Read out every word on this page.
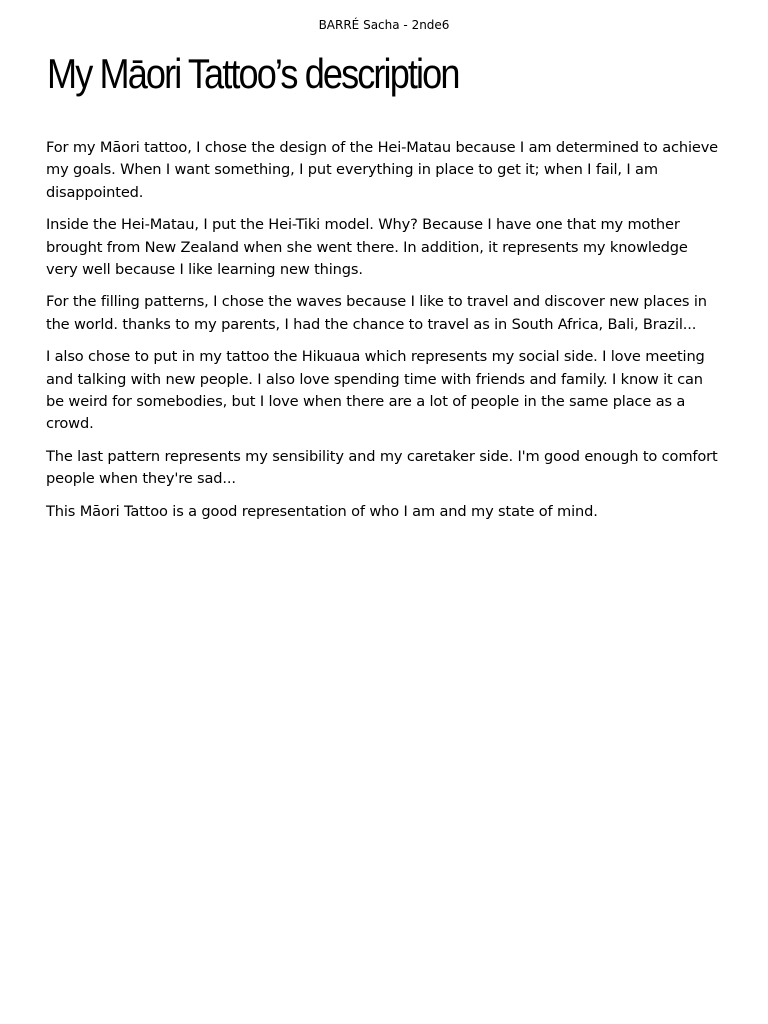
BARRÉ Sacha - 2nde6
My Māori Tattoo’s description

For my Māori tattoo, I chose the design of the Hei-Matau because I am determined to achieve my goals. When I want something, I put everything in place to get it; when I fail, I am disappointed.

Inside the Hei-Matau, I put the Hei-Tiki model. Why? Because I have one that my mother brought from New Zealand when she went there. In addition, it represents my knowledge very well because I like learning new things.

For the filling patterns, I chose the waves because I like to travel and discover new places in the world. thanks to my parents, I had the chance to travel as in South Africa, Bali, Brazil...

I also chose to put in my tattoo the Hikuaua which represents my social side. I love meeting and talking with new people. I also love spending time with friends and family. I know it can be weird for somebodies, but I love when there are a lot of people in the same place as a crowd.

The last pattern represents my sensibility and my caretaker side. I'm good enough to comfort people when they're sad...

This Māori Tattoo is a good representation of who I am and my state of mind.
